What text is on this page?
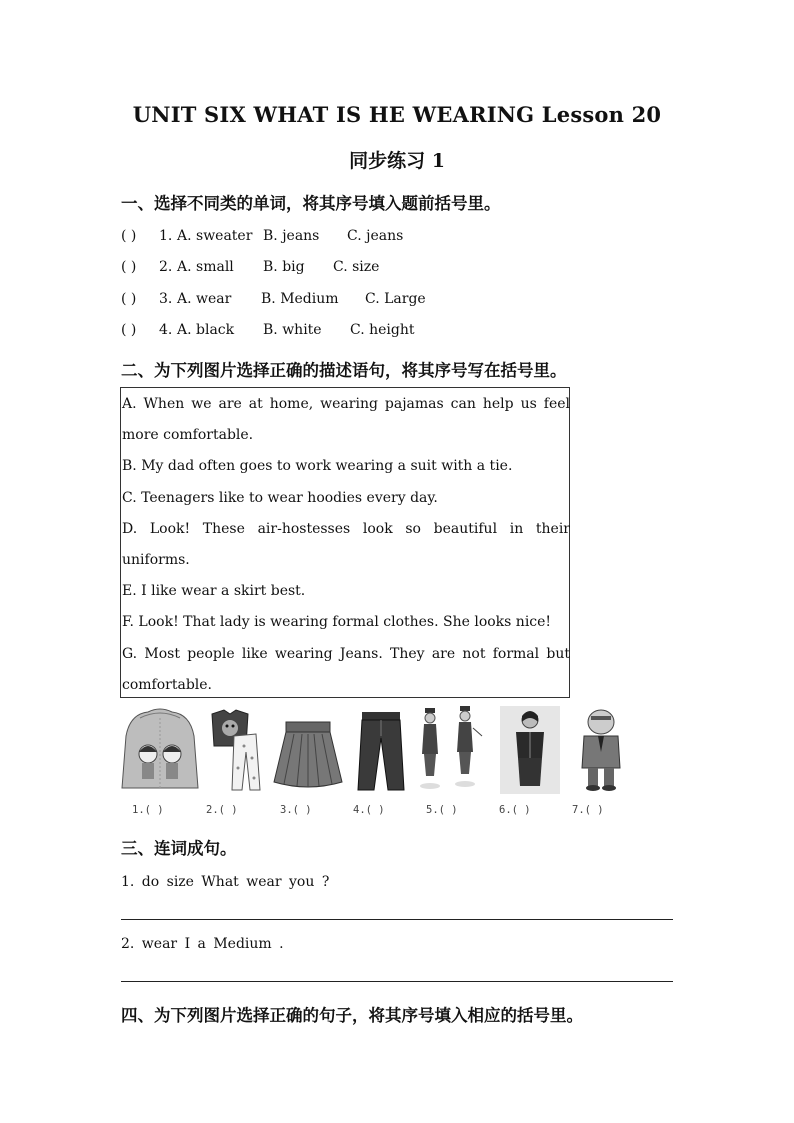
UNIT SIX WHAT IS HE WEARING Lesson 20
同步练习 1
一、选择不同类的单词，将其序号填入题前括号里。
( ) 1. A. sweater B. jeans C. jeans
( ) 2. A. small B. big C. size
( ) 3. A. wear B. Medium C. Large
( ) 4. A. black B. white C. height
二、为下列图片选择正确的描述语句，将其序号写在括号里。
A. When we are at home, wearing pajamas can help us feel
more comfortable.
B. My dad often goes to work wearing a suit with a tie.
C. Teenagers like to wear hoodies every day.
D. Look! These air-hostesses look so beautiful in their
uniforms.
E. I like wear a skirt best.
F. Look! That lady is wearing formal clothes. She looks nice!
G. Most people like wearing Jeans. They are not formal but
comfortable.
1.( )	2.( )	3.( )	4.( )	5.( )	6.( )	7.( )
三、连词成句。
1. do size What wear you ?
2. wear I a Medium .
四、为下列图片选择正确的句子，将其序号填入相应的括号里。
